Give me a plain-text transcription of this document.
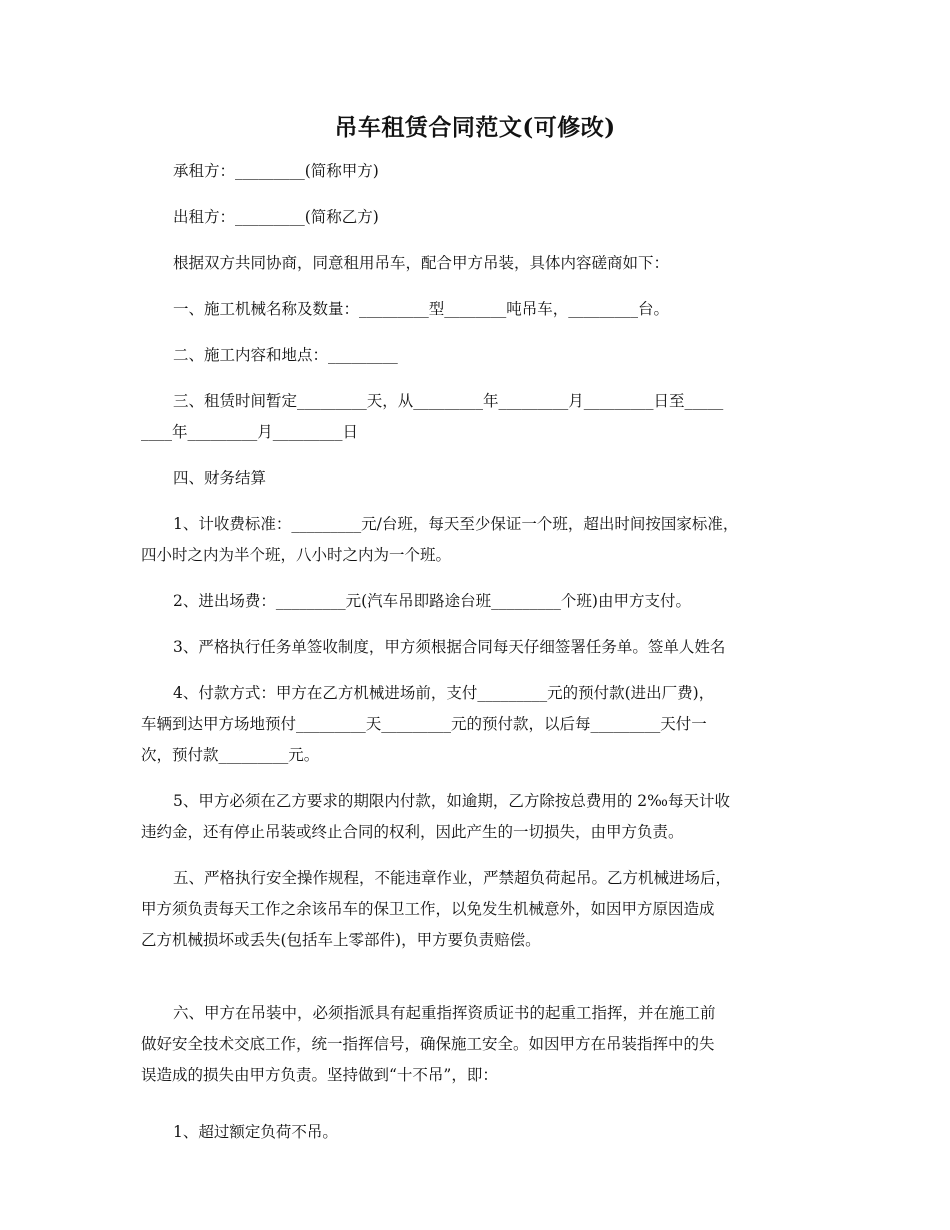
吊车租赁合同范文(可修改)
承租方：_________(简称甲方)
出租方：_________(简称乙方)
根据双方共同协商，同意租用吊车，配合甲方吊装，具体内容磋商如下：
一、施工机械名称及数量：_________型________吨吊车，_________台。
二、施工内容和地点：_________
三、租赁时间暂定_________天，从_________年_________月_________日至_____
____年_________月_________日
四、财务结算
1、计收费标准：_________元/台班，每天至少保证一个班，超出时间按国家标准，
四小时之内为半个班，八小时之内为一个班。
2、进出场费：_________元(汽车吊即路途台班_________个班)由甲方支付。
3、严格执行任务单签收制度，甲方须根据合同每天仔细签署任务单。签单人姓名
4、付款方式：甲方在乙方机械进场前，支付_________元的预付款(进出厂费)，
车辆到达甲方场地预付_________天_________元的预付款，以后每_________天付一
次，预付款_________元。
5、甲方必须在乙方要求的期限内付款，如逾期，乙方除按总费用的 2‰每天计收
违约金，还有停止吊装或终止合同的权利，因此产生的一切损失，由甲方负责。
五、严格执行安全操作规程，不能违章作业，严禁超负荷起吊。乙方机械进场后，
甲方须负责每天工作之余该吊车的保卫工作，以免发生机械意外，如因甲方原因造成
乙方机械损坏或丢失(包括车上零部件)，甲方要负责赔偿。
六、甲方在吊装中，必须指派具有起重指挥资质证书的起重工指挥，并在施工前
做好安全技术交底工作，统一指挥信号，确保施工安全。如因甲方在吊装指挥中的失
误造成的损失由甲方负责。坚持做到“十不吊”，即：
1、超过额定负荷不吊。
